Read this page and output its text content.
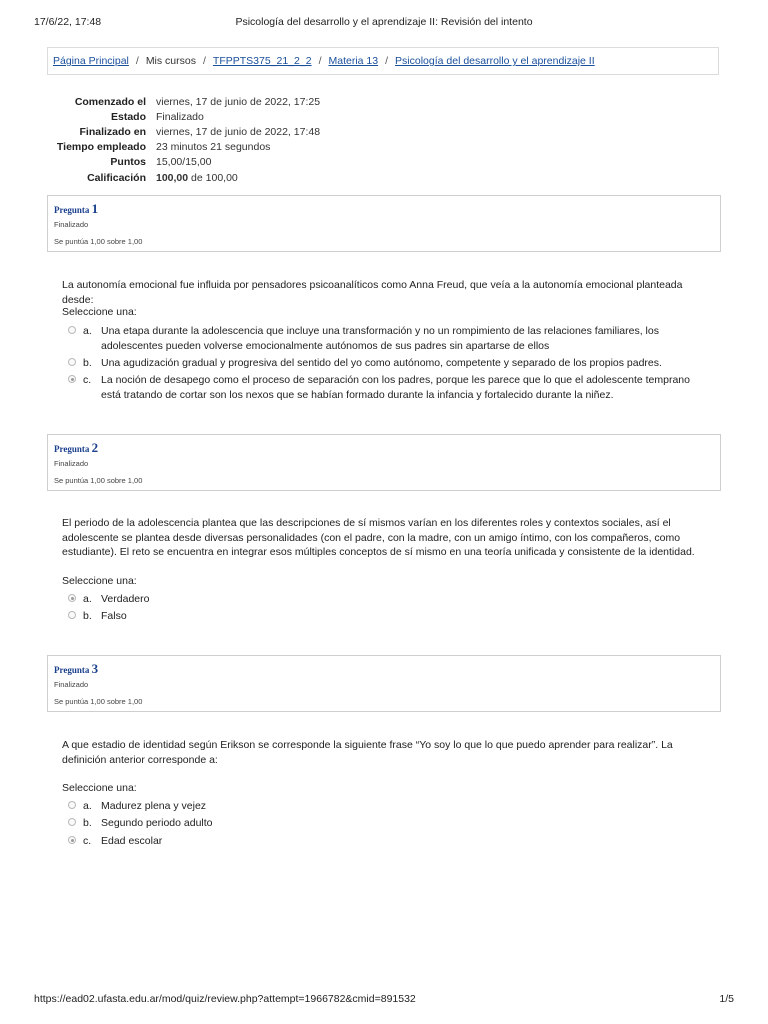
17/6/22, 17:48	Psicología del desarrollo y el aprendizaje II: Revisión del intento
Página Principal / Mis cursos / TFPPTS375_21_2_2 / Materia 13 / Psicología del desarrollo y el aprendizaje II
Comenzado el	viernes, 17 de junio de 2022, 17:25
Estado	Finalizado
Finalizado en	viernes, 17 de junio de 2022, 17:48
Tiempo empleado	23 minutos 21 segundos
Puntos	15,00/15,00
Calificación	100,00 de 100,00
Pregunta 1
Finalizado
Se puntúa 1,00 sobre 1,00
La autonomía emocional fue influida por pensadores psicoanalíticos como Anna Freud, que veía a la autonomía emocional planteada desde:
Seleccione una:
a. Una etapa durante la adolescencia que incluye una transformación y no un rompimiento de las relaciones familiares, los adolescentes pueden volverse emocionalmente autónomos de sus padres sin apartarse de ellos
b. Una agudización gradual y progresiva del sentido del yo como autónomo, competente y separado de los propios padres.
c. La noción de desapego como el proceso de separación con los padres, porque les parece que lo que el adolescente temprano está tratando de cortar son los nexos que se habían formado durante la infancia y fortalecido durante la niñez.
Pregunta 2
Finalizado
Se puntúa 1,00 sobre 1,00
El periodo de la adolescencia plantea que las descripciones de sí mismos varían en los diferentes roles y contextos sociales, así el adolescente se plantea desde diversas personalidades (con el padre, con la madre, con un amigo íntimo, con los compañeros, como estudiante). El reto se encuentra en integrar esos múltiples conceptos de sí mismo en una teoría unificada y consistente de la identidad.
Seleccione una:
a. Verdadero
b. Falso
Pregunta 3
Finalizado
Se puntúa 1,00 sobre 1,00
A que estadio de identidad según Erikson se corresponde la siguiente frase “Yo soy lo que lo que puedo aprender para realizar”. La definición anterior corresponde a:
Seleccione una:
a. Madurez plena y vejez
b. Segundo periodo adulto
c. Edad escolar
https://ead02.ufasta.edu.ar/mod/quiz/review.php?attempt=1966782&cmid=891532	1/5
